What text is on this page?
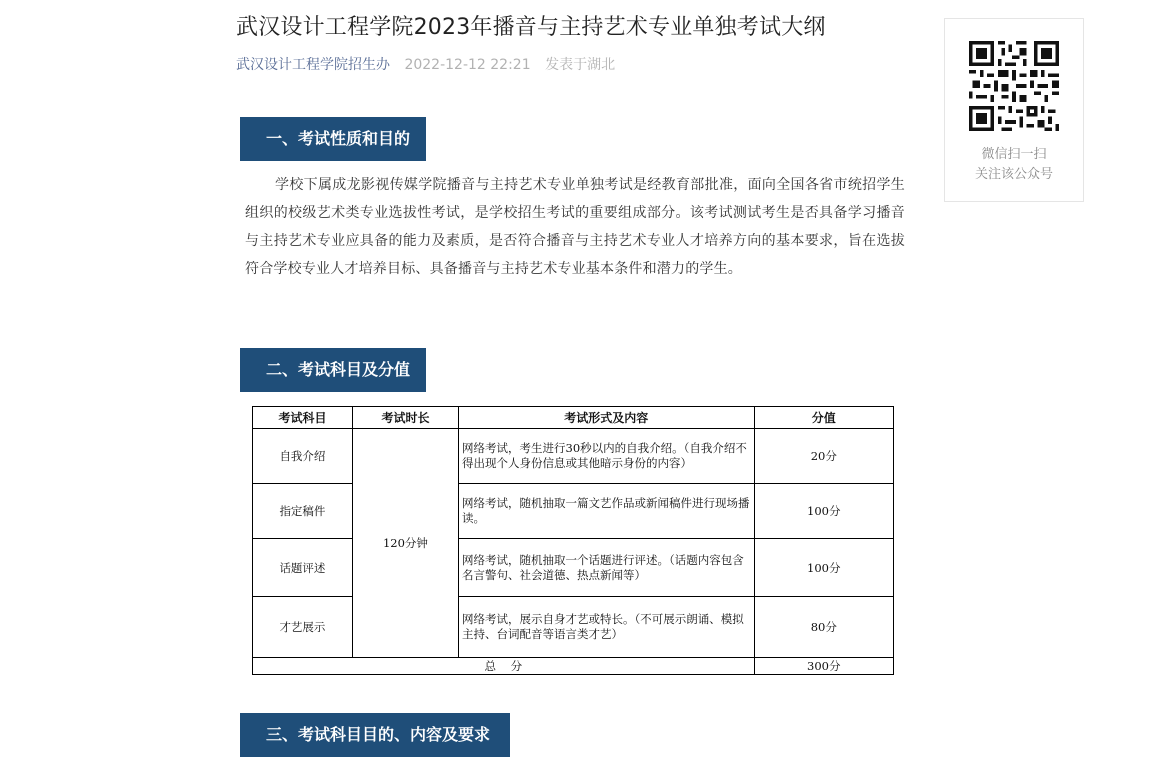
武汉设计工程学院2023年播音与主持艺术专业单独考试大纲
武汉设计工程学院招生办 2022-12-12 22:21 发表于湖北
一、考试性质和目的

学校下属成龙影视传媒学院播音与主持艺术专业单独考试是经教育部批准，面向全国各省市统招学生组织的校级艺术类专业选拔性考试，是学校招生考试的重要组成部分。该考试测试考生是否具备学习播音与主持艺术专业应具备的能力及素质，是否符合播音与主持艺术专业人才培养方向的基本要求，旨在选拔符合学校专业人才培养目标、具备播音与主持艺术专业基本条件和潜力的学生。

二、考试科目及分值
考试科目	考试时长	考试形式及内容	分值
自我介绍	120分钟	网络考试，考生进行30秒以内的自我介绍。（自我介绍不得出现个人身份信息或其他暗示身份的内容）	20分
指定稿件		网络考试，随机抽取一篇文艺作品或新闻稿件进行现场播读。	100分
话题评述		网络考试，随机抽取一个话题进行评述。（话题内容包含名言警句、社会道德、热点新闻等）	100分
才艺展示		网络考试，展示自身才艺或特长。（不可展示朗诵、模拟主持、台词配音等语言类才艺）	80分
总    分			300分
三、考试科目目的、内容及要求
微信扫一扫
关注该公众号
